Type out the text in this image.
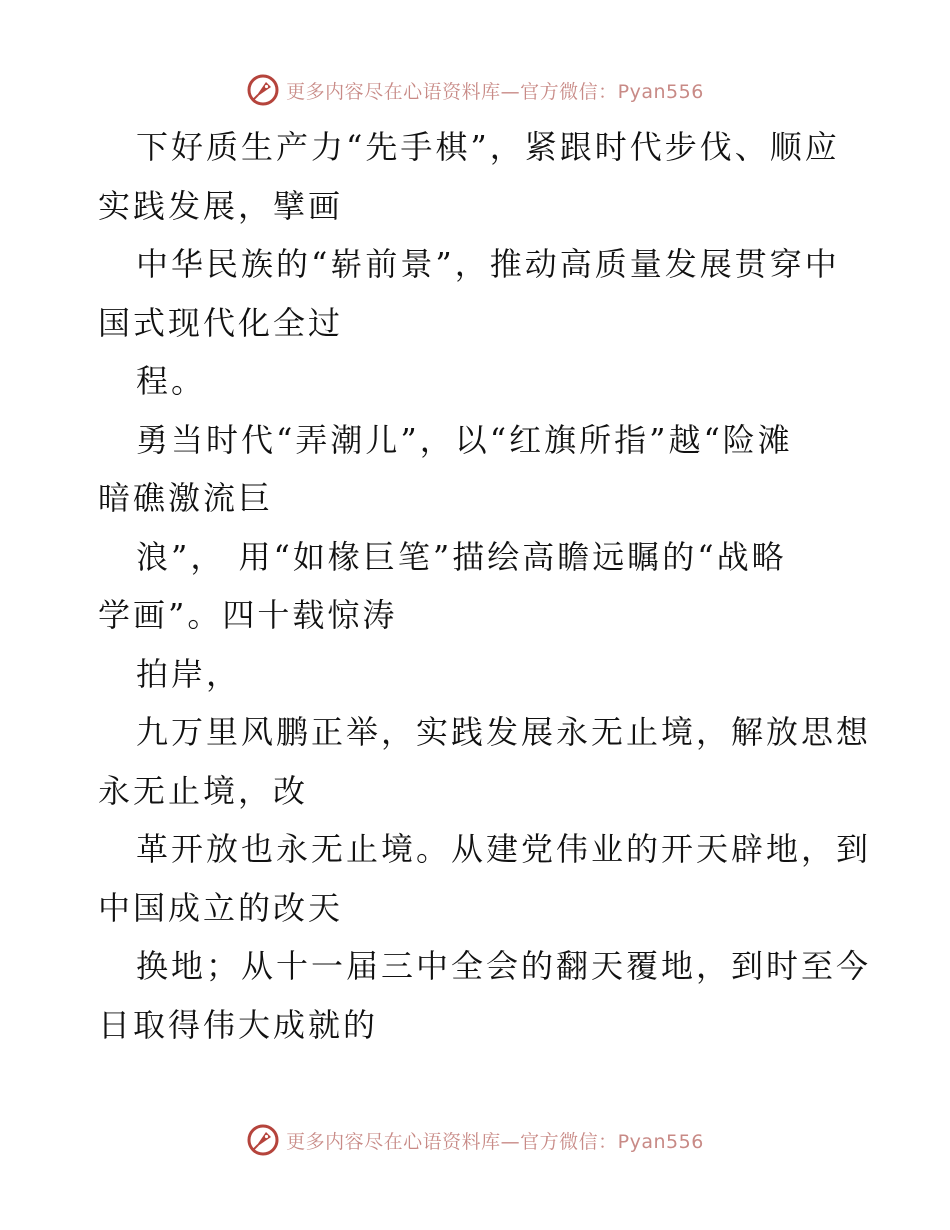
更多内容尽在心语资料库—官方微信：Pyan556
下好质生产力“先手棋”，紧跟时代步伐、顺应
实践发展，擘画
中华民族的“崭前景”，推动高质量发展贯穿中
国式现代化全过
程。
勇当时代“弄潮儿”，以“红旗所指”越“险滩
暗礁激流巨
浪”， 用“如椽巨笔”描绘高瞻远瞩的“战略
学画”。四十载惊涛
拍岸，
九万里风鹏正举，实践发展永无止境，解放思想
永无止境，改
革开放也永无止境。从建党伟业的开天辟地，到
中国成立的改天
换地；从十一届三中全会的翻天覆地，到时至今
日取得伟大成就的
更多内容尽在心语资料库—官方微信：Pyan556
